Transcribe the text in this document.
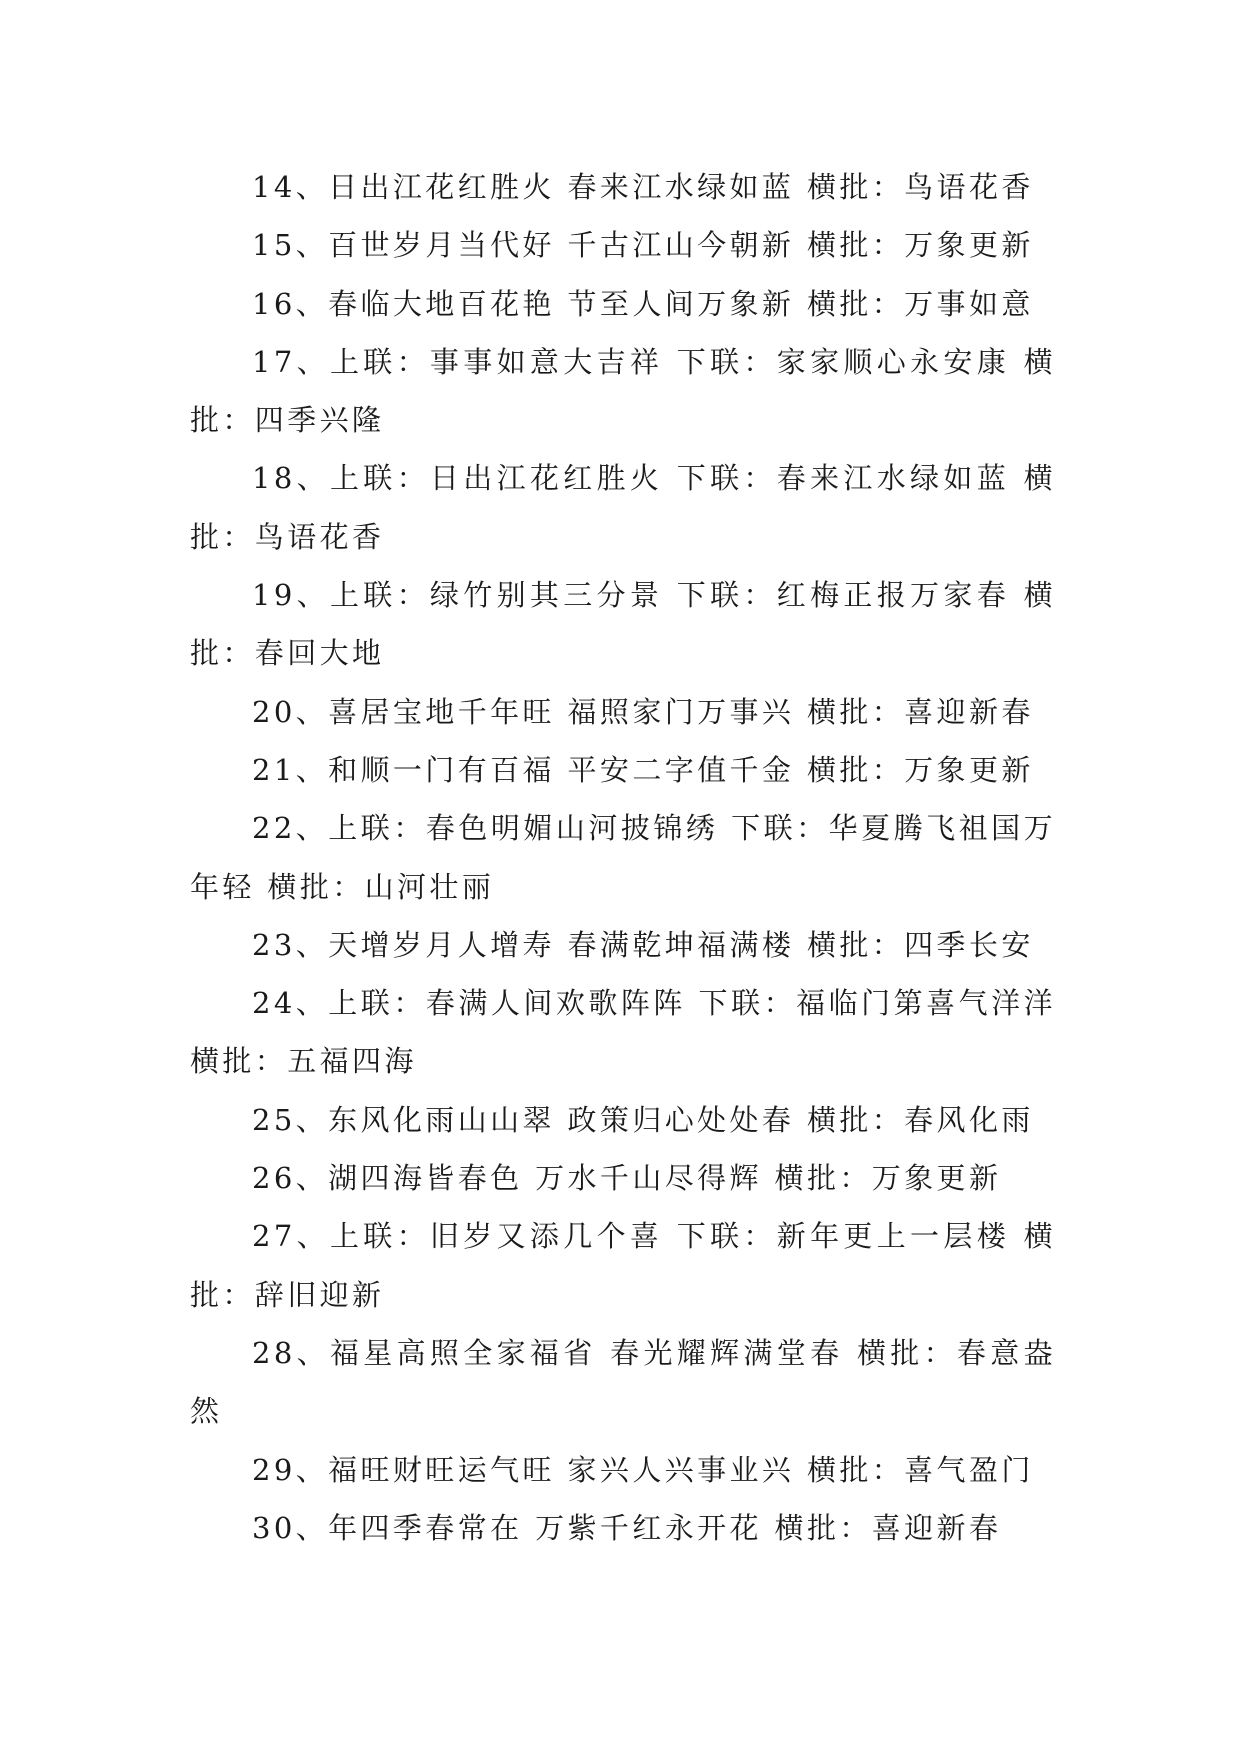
14、日出江花红胜火 春来江水绿如蓝 横批：鸟语花香

15、百世岁月当代好 千古江山今朝新 横批：万象更新

16、春临大地百花艳 节至人间万象新 横批：万事如意

17、上联：事事如意大吉祥 下联：家家顺心永安康 横批：四季兴隆

18、上联：日出江花红胜火 下联：春来江水绿如蓝 横批：鸟语花香

19、上联：绿竹别其三分景 下联：红梅正报万家春 横批：春回大地

20、喜居宝地千年旺 福照家门万事兴 横批：喜迎新春

21、和顺一门有百福 平安二字值千金 横批：万象更新

22、上联：春色明媚山河披锦绣 下联：华夏腾飞祖国万年轻 横批：山河壮丽

23、天增岁月人增寿 春满乾坤福满楼 横批：四季长安

24、上联：春满人间欢歌阵阵 下联：福临门第喜气洋洋 横批：五福四海

25、东风化雨山山翠 政策归心处处春 横批：春风化雨

26、湖四海皆春色 万水千山尽得辉 横批：万象更新

27、上联：旧岁又添几个喜 下联：新年更上一层楼 横批：辞旧迎新

28、福星高照全家福省 春光耀辉满堂春 横批：春意盎然

29、福旺财旺运气旺 家兴人兴事业兴 横批：喜气盈门

30、年四季春常在 万紫千红永开花 横批：喜迎新春
